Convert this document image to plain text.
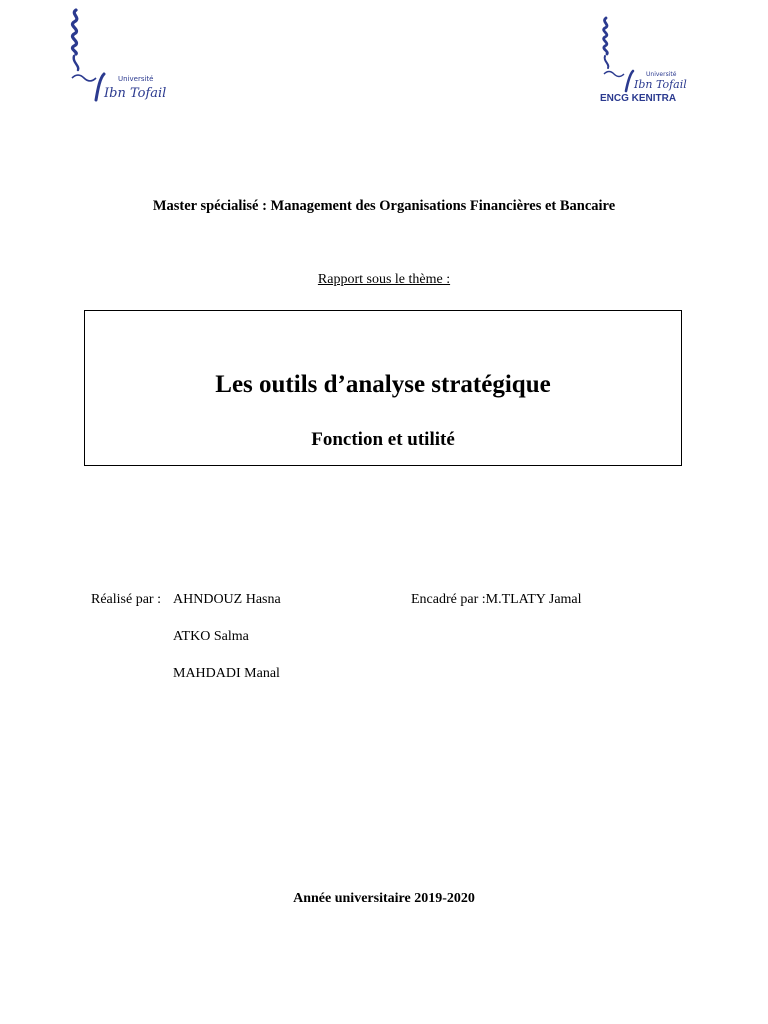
Université
Ibn Tofail
Université
Ibn Tofail
ENCG KENITRA
Master spécialisé : Management des Organisations Financières et Bancaire
Rapport sous le thème :
Les outils d’analyse stratégique
Fonction et utilité
Réalisé par : AHNDOUZ Hasna
ATKO Salma
MAHDADI Manal
Encadré par :M.TLATY Jamal
Année universitaire 2019-2020
